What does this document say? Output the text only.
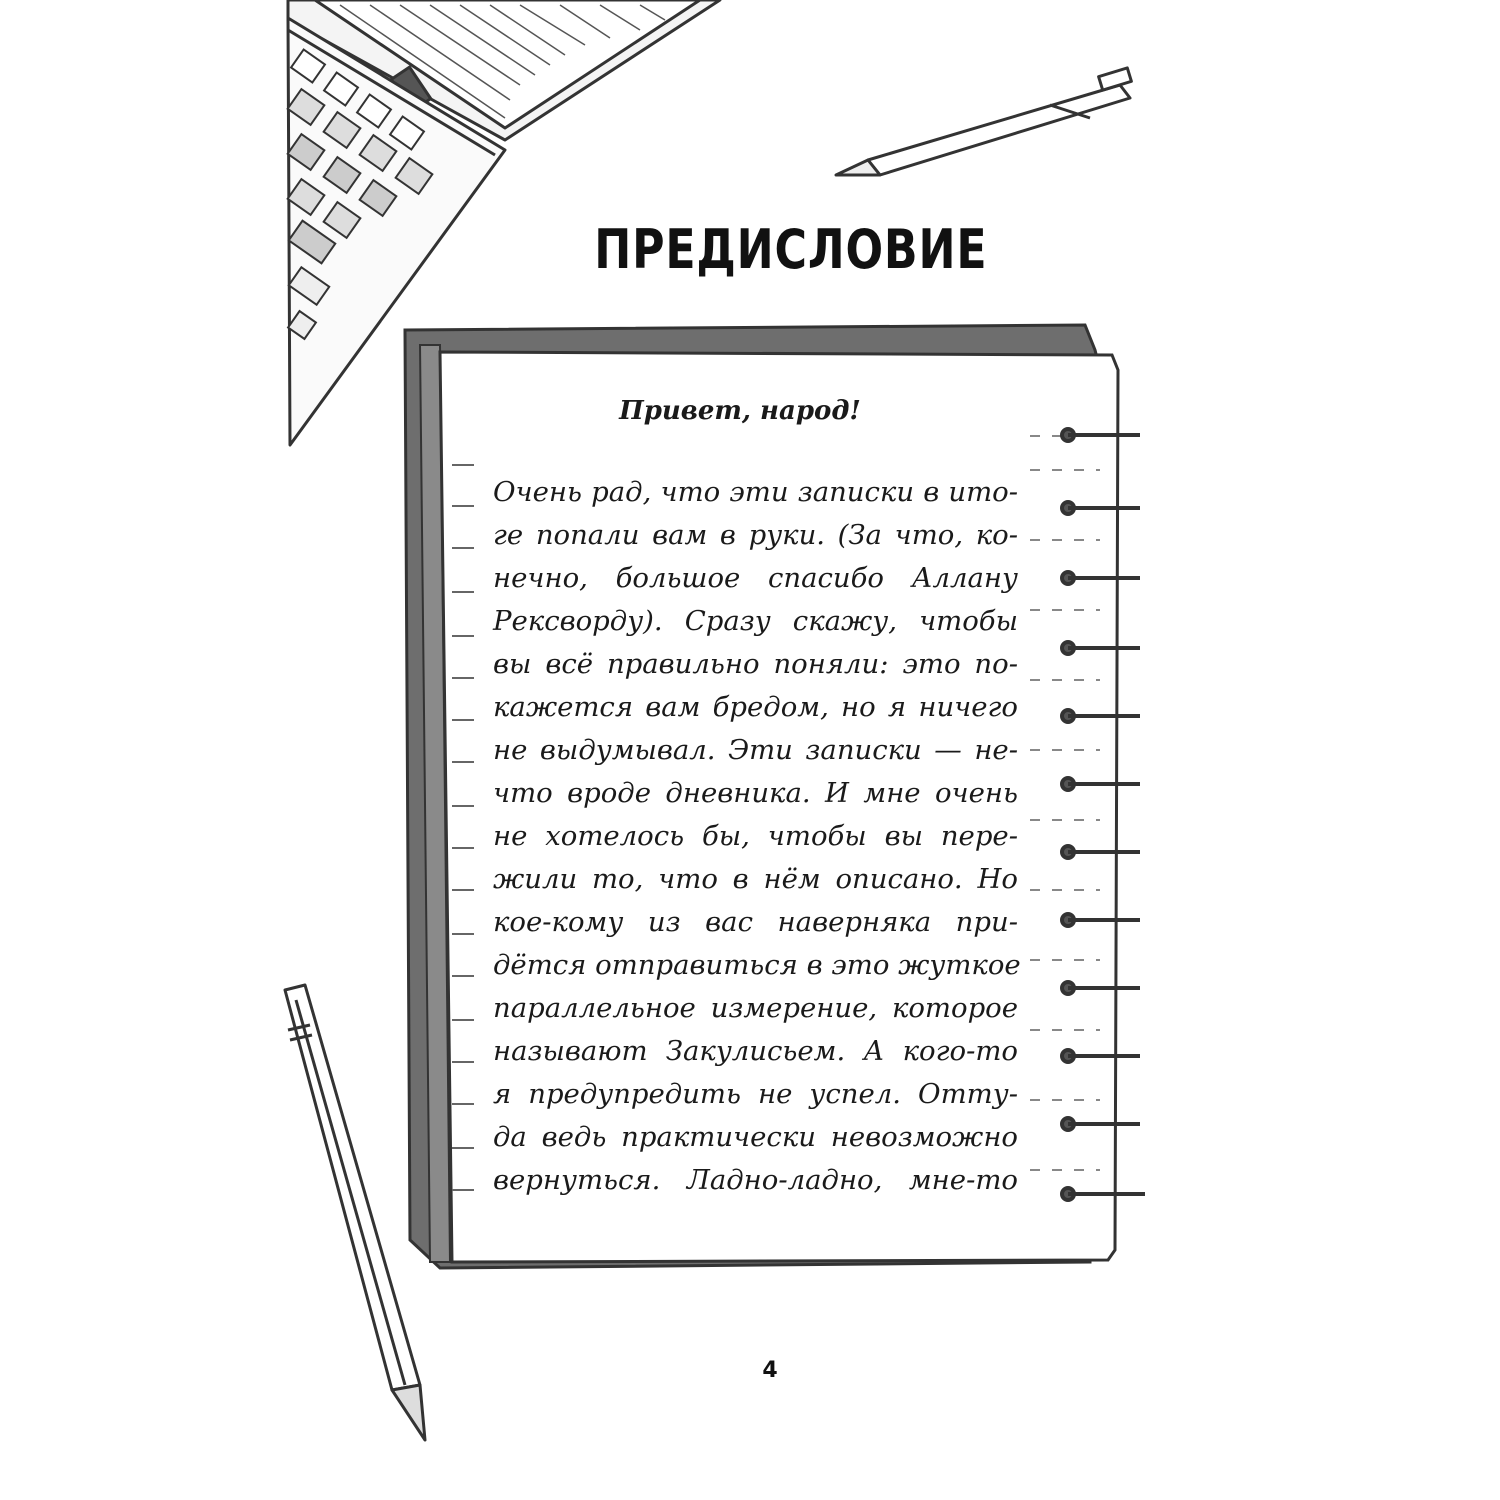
ПРЕДИСЛОВИЕ
Привет, народ!
Очень рад, что эти записки в ито-
ге попали вам в руки. (За что, ко-
нечно, большое спасибо Аллану
Рексворду). Сразу скажу, чтобы
вы всё правильно поняли: это по-
кажется вам бредом, но я ничего
не выдумывал. Эти записки — не-
что вроде дневника. И мне очень
не хотелось бы, чтобы вы пере-
жили то, что в нём описано. Но
кое-кому из вас наверняка при-
дётся отправиться в это жуткое
параллельное измерение, которое
называют Закулисьем. А кого-то
я предупредить не успел. Отту-
да ведь практически невозможно
вернуться. Ладно-ладно, мне-то
4
